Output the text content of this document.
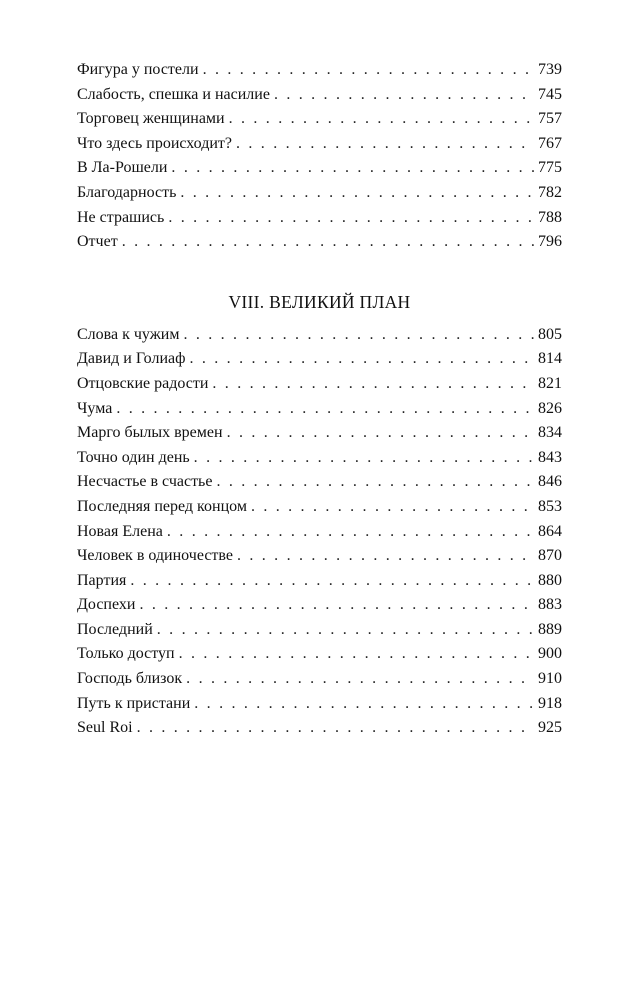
Фигура у постели . . .	739
Слабость, спешка и насилие . . .	745
Торговец женщинами . . .	757
Что здесь происходит? . . .	767
В Ла-Рошели . . .	775
Благодарность . . .	782
Не страшись . . .	788
Отчет . . .	796
VIII. ВЕЛИКИЙ ПЛАН
Слова к чужим . . .	805
Давид и Голиаф . . .	814
Отцовские радости . . .	821
Чума . . .	826
Марго былых времен . . .	834
Точно один день . . .	843
Несчастье в счастье . . .	846
Последняя перед концом . . .	853
Новая Елена . . .	864
Человек в одиночестве . . .	870
Партия . . .	880
Доспехи . . .	883
Последний . . .	889
Только доступ . . .	900
Господь близок . . .	910
Путь к пристани . . .	918
Seul Roi . . .	925
